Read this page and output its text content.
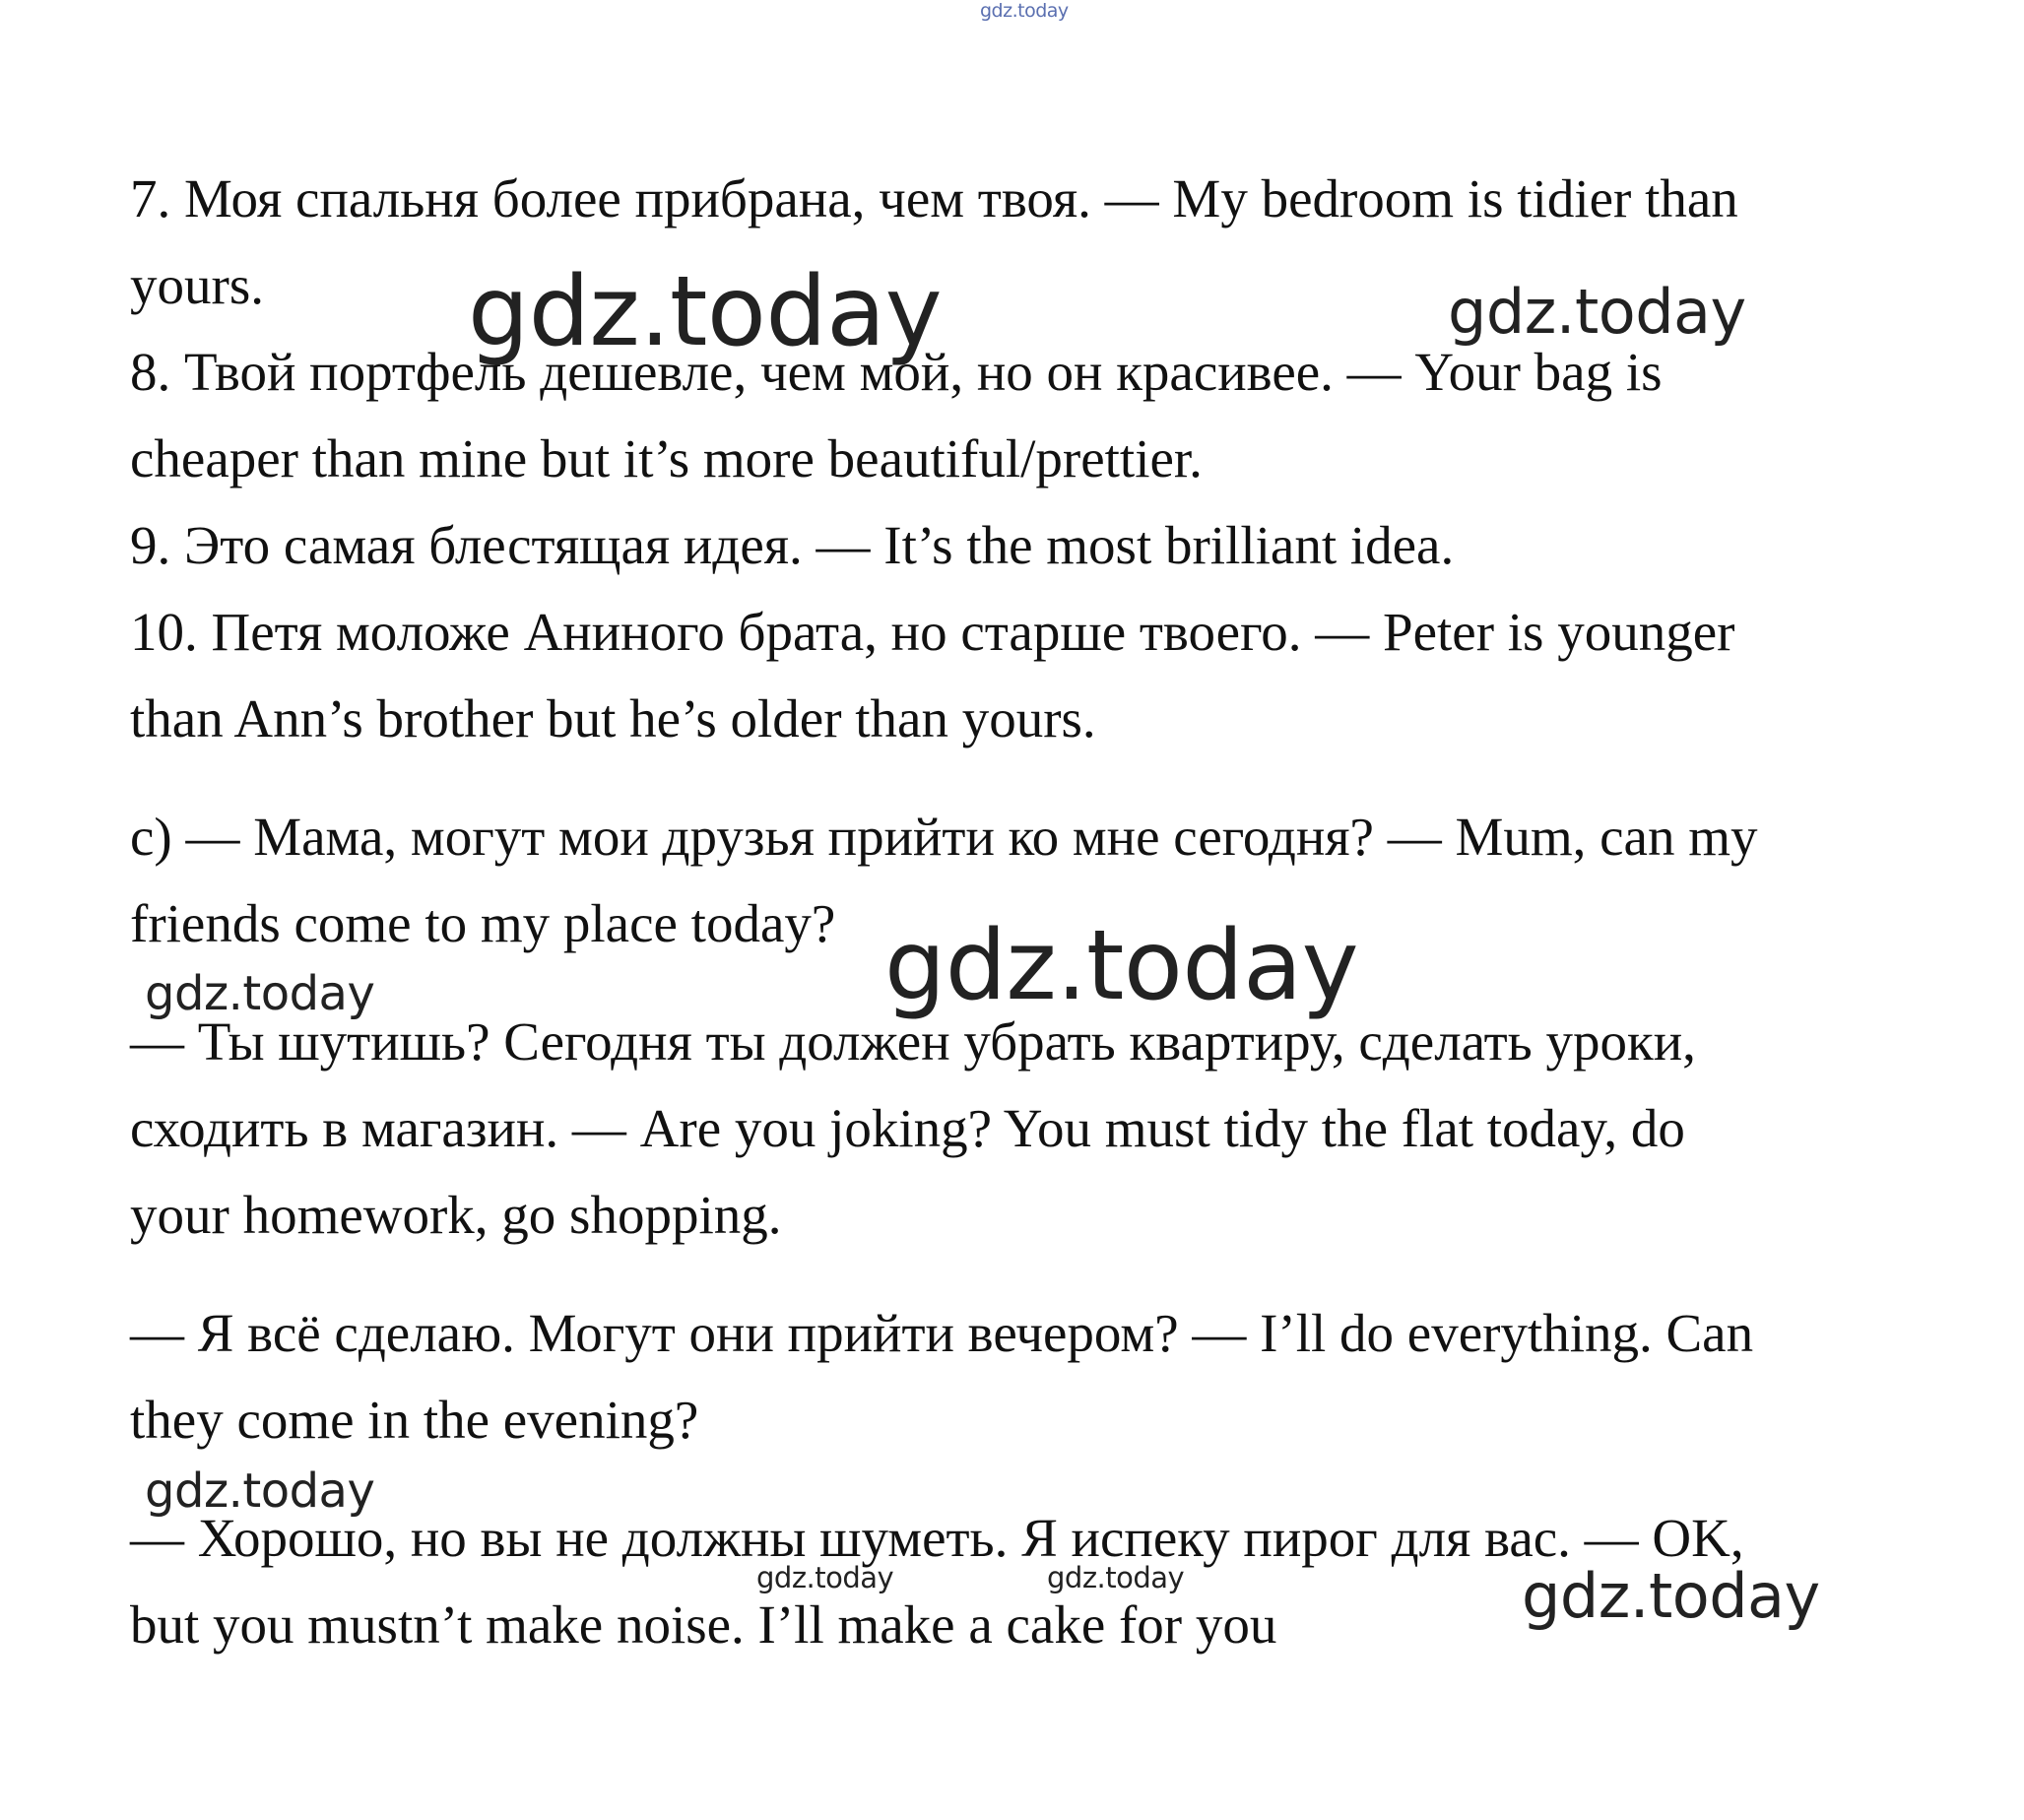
gdz.today

7. Моя спальня более прибрана, чем твоя. — My bedroom is tidier than

yours.

8. Твой портфель дешевле, чем мой, но он красивее. — Your bag is

cheaper than mine but it’s more beautiful/prettier.

9. Это самая блестящая идея. — It’s the most brilliant idea.

10. Петя моложе Аниного брата, но старше твоего. — Peter is younger

than Ann’s brother but he’s older than yours.

c) — Мама, могут мои друзья прийти ко мне сегодня? — Mum, can my

friends come to my place today?

— Ты шутишь? Сегодня ты должен убрать квартиру, сделать уроки,

сходить в магазин. — Are you joking? You must tidy the flat today, do

your homework, go shopping.

— Я всё сделаю. Могут они прийти вечером? — I’ll do everything. Can

they come in the evening?

— Хорошо, но вы не должны шуметь. Я испеку пирог для вас. — OK,

but you mustn’t make noise. I’ll make a cake for you

gdz.today	gdz.today
gdz.today
gdz.today
gdz.today
gdz.today	gdz.today	gdz.today
